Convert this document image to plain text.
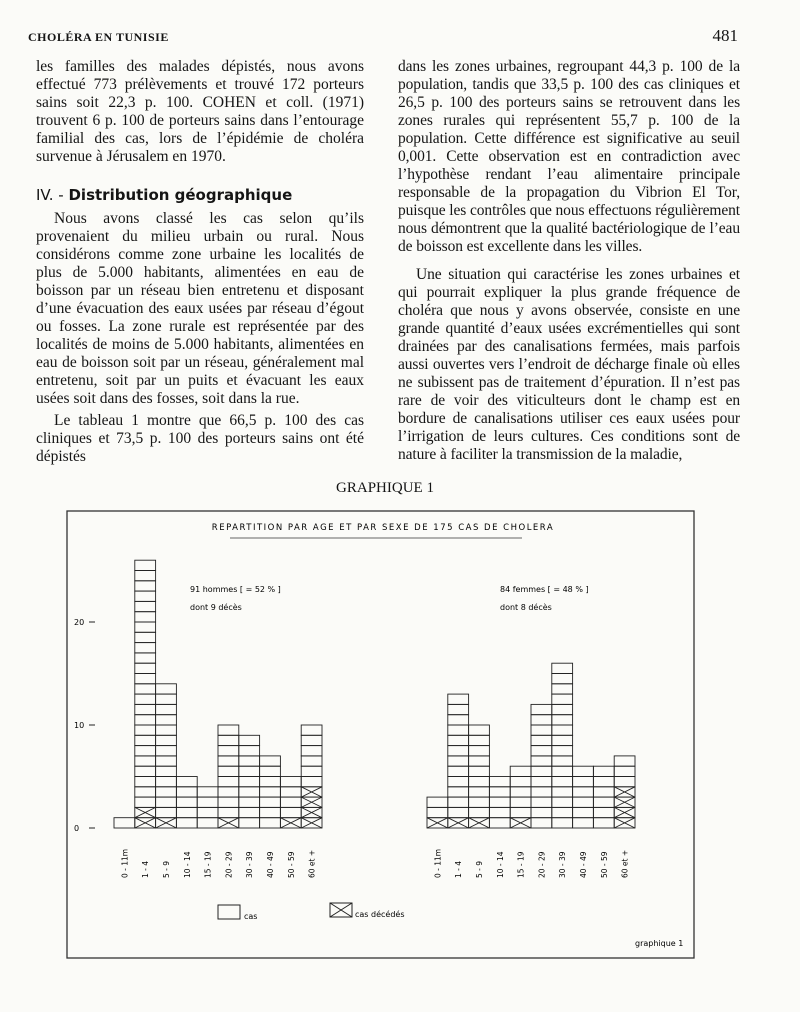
CHOLÉRA EN TUNISIE	481

les familles des malades dépistés, nous avons effectué 773 prélèvements et trouvé 172 porteurs sains soit 22,3 p. 100. COHEN et coll. (1971) trouvent 6 p. 100 de porteurs sains dans l’entourage familial des cas, lors de l’épidémie de choléra survenue à Jérusalem en 1970.

IV. - Distribution géographique

Nous avons classé les cas selon qu’ils provenaient du milieu urbain ou rural. Nous considérons comme zone urbaine les localités de plus de 5.000 habitants, alimentées en eau de boisson par un réseau bien entretenu et disposant d’une évacuation des eaux usées par réseau d’égout ou fosses. La zone rurale est représentée par des localités de moins de 5.000 habitants, alimentées en eau de boisson soit par un réseau, généralement mal entretenu, soit par un puits et évacuant les eaux usées soit dans des fosses, soit dans la rue.

Le tableau 1 montre que 66,5 p. 100 des cas cliniques et 73,5 p. 100 des porteurs sains ont été dépistés

dans les zones urbaines, regroupant 44,3 p. 100 de la population, tandis que 33,5 p. 100 des cas cliniques et 26,5 p. 100 des porteurs sains se retrouvent dans les zones rurales qui représentent 55,7 p. 100 de la population. Cette différence est significative au seuil 0,001. Cette observation est en contradiction avec l’hypothèse rendant l’eau alimentaire principale responsable de la propagation du Vibrion El Tor, puisque les contrôles que nous effectuons régulièrement nous démontrent que la qualité bactériologique de l’eau de boisson est excellente dans les villes.

Une situation qui caractérise les zones urbaines et qui pourrait expliquer la plus grande fréquence de choléra que nous y avons observée, consiste en une grande quantité d’eaux usées excrémentielles qui sont drainées par des canalisations fermées, mais parfois aussi ouvertes vers l’endroit de décharge finale où elles ne subissent pas de traitement d’épuration. Il n’est pas rare de voir des viticulteurs dont le champ est en bordure de canalisations utiliser ces eaux usées pour l’irrigation de leurs cultures. Ces conditions sont de nature à faciliter la transmission de la maladie,

GRAPHIQUE 1
REPARTITION PAR AGE ET PAR SEXE DE 175 CAS DE CHOLERA
91 hommes [ = 52 % ]
dont 9 décès
84 femmes [ = 48 % ]
dont 8 décès
0
10
20
0 - 11m 1 - 4 5 - 9 10 - 14 15 - 19 20 - 29 30 - 39 40 - 49 50 - 59 60 et +	0 - 11m 1 - 4 5 - 9 10 - 14 15 - 19 20 - 29 30 - 39 40 - 49 50 - 59 60 et +
cas	cas décédés
graphique 1
